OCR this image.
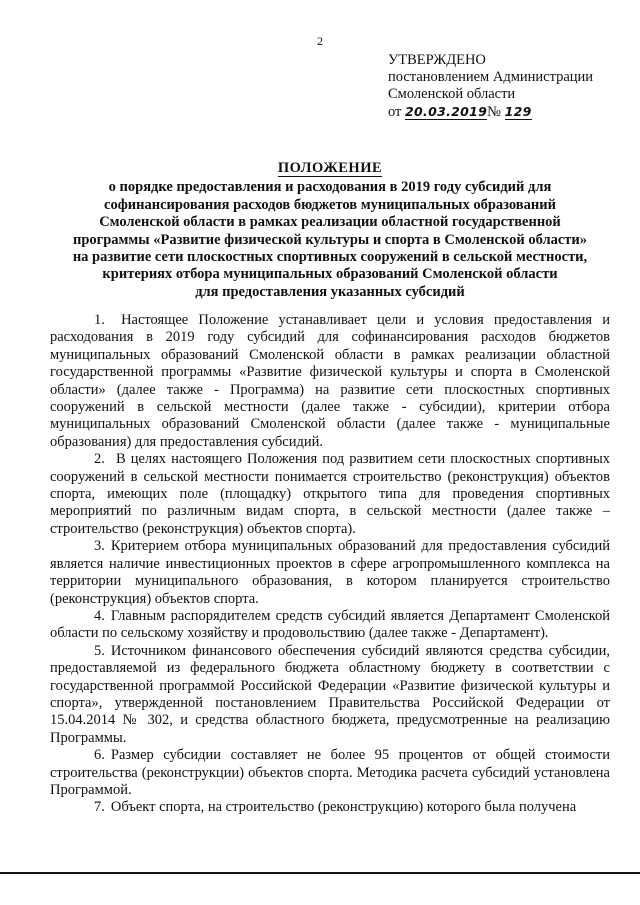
2
УТВЕРЖДЕНО
постановлением Администрации
Смоленской области
от 20.03.2019№ 129
ПОЛОЖЕНИЕ
о порядке предоставления и расходования в 2019 году субсидий для
софинансирования расходов бюджетов муниципальных образований
Смоленской области в рамках реализации областной государственной
программы «Развитие физической культуры и спорта в Смоленской области»
на развитие сети плоскостных спортивных сооружений в сельской местности,
критериях отбора муниципальных образований Смоленской области
для предоставления указанных субсидий

1. Настоящее Положение устанавливает цели и условия предоставления и расходования в 2019 году субсидий для софинансирования расходов бюджетов муниципальных образований Смоленской области в рамках реализации областной государственной программы «Развитие физической культуры и спорта в Смоленской области» (далее также - Программа) на развитие сети плоскостных спортивных сооружений в сельской местности (далее также - субсидии), критерии отбора муниципальных образований Смоленской области (далее также - муниципальные образования) для предоставления субсидий.

2. В целях настоящего Положения под развитием сети плоскостных спортивных сооружений в сельской местности понимается строительство (реконструкция) объектов спорта, имеющих поле (площадку) открытого типа для проведения спортивных мероприятий по различным видам спорта, в сельской местности (далее также – строительство (реконструкция) объектов спорта).

3. Критерием отбора муниципальных образований для предоставления субсидий является наличие инвестиционных проектов в сфере агропромышленного комплекса на территории муниципального образования, в котором планируется строительство (реконструкция) объектов спорта.

4. Главным распорядителем средств субсидий является Департамент Смоленской области по сельскому хозяйству и продовольствию (далее также - Департамент).

5. Источником финансового обеспечения субсидий являются средства субсидии, предоставляемой из федерального бюджета областному бюджету в соответствии с государственной программой Российской Федерации «Развитие физической культуры и спорта», утвержденной постановлением Правительства Российской Федерации от 15.04.2014 № 302, и средства областного бюджета, предусмотренные на реализацию Программы.

6. Размер субсидии составляет не более 95 процентов от общей стоимости строительства (реконструкции) объектов спорта. Методика расчета субсидий установлена Программой.

7. Объект спорта, на строительство (реконструкцию) которого была получена
